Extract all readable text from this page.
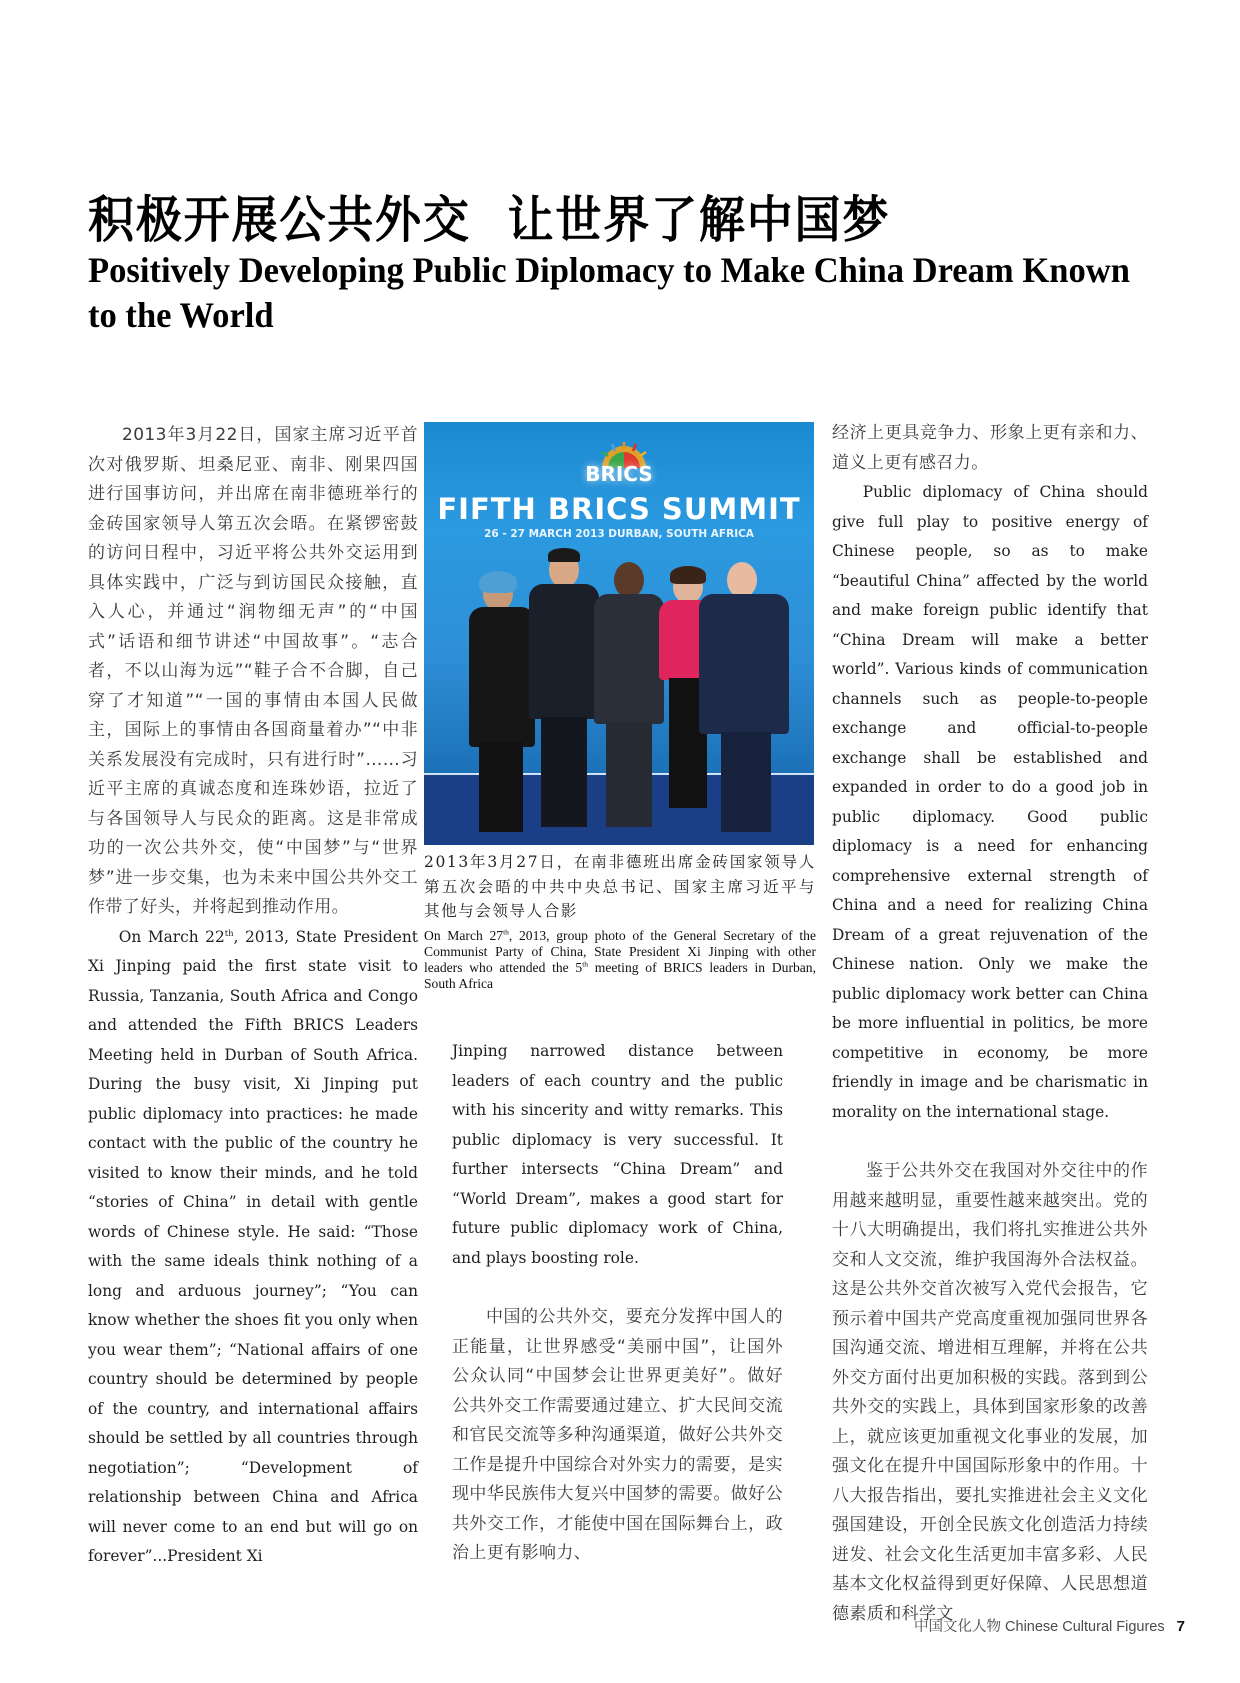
积极开展公共外交 让世界了解中国梦
Positively Developing Public Diplomacy to Make China Dream Known to the World

2013年3月22日，国家主席习近平首次对俄罗斯、坦桑尼亚、南非、刚果四国进行国事访问，并出席在南非德班举行的金砖国家领导人第五次会晤。在紧锣密鼓的访问日程中，习近平将公共外交运用到具体实践中，广泛与到访国民众接触，直入人心，并通过“润物细无声”的“中国式”话语和细节讲述“中国故事”。“志合者，不以山海为远”“鞋子合不合脚，自己穿了才知道”“一国的事情由本国人民做主，国际上的事情由各国商量着办”“中非关系发展没有完成时，只有进行时”……习近平主席的真诚态度和连珠妙语，拉近了与各国领导人与民众的距离。这是非常成功的一次公共外交，使“中国梦”与“世界梦”进一步交集，也为未来中国公共外交工作带了好头，并将起到推动作用。

On March 22th, 2013, State President Xi Jinping paid the first state visit to Russia, Tanzania, South Africa and Congo and attended the Fifth BRICS Leaders Meeting held in Durban of South Africa. During the busy visit, Xi Jinping put public diplomacy into practices: he made contact with the public of the country he visited to know their minds, and he told “stories of China” in detail with gentle words of Chinese style. He said: “Those with the same ideals think nothing of a long and arduous journey”; “You can know whether the shoes fit you only when you wear them”; “National affairs of one country should be determined by people of the country, and international affairs should be settled by all countries through negotiation”; “Development of relationship between China and Africa will never come to an end but will go on forever”...President Xi

BRICS
FIFTH BRICS SUMMIT
26 - 27 MARCH 2013 DURBAN, SOUTH AFRICA
2013年3月27日，在南非德班出席金砖国家领导人第五次会晤的中共中央总书记、国家主席习近平与其他与会领导人合影
On March 27th, 2013, group photo of the General Secretary of the Communist Party of China, State President Xi Jinping with other leaders who attended the 5th meeting of BRICS leaders in Durban, South Africa

Jinping narrowed distance between leaders of each country and the public with his sincerity and witty remarks. This public diplomacy is very successful. It further intersects “China Dream” and “World Dream”, makes a good start for future public diplomacy work of China, and plays boosting role.

中国的公共外交，要充分发挥中国人的正能量，让世界感受“美丽中国”，让国外公众认同“中国梦会让世界更美好”。做好公共外交工作需要通过建立、扩大民间交流和官民交流等多种沟通渠道，做好公共外交工作是提升中国综合对外实力的需要，是实现中华民族伟大复兴中国梦的需要。做好公共外交工作，才能使中国在国际舞台上，政治上更有影响力、

经济上更具竞争力、形象上更有亲和力、道义上更有感召力。

Public diplomacy of China should give full play to positive energy of Chinese people, so as to make “beautiful China” affected by the world and make foreign public identify that “China Dream will make a better world”. Various kinds of communication channels such as people-to-people exchange and official-to-people exchange shall be established and expanded in order to do a good job in public diplomacy. Good public diplomacy is a need for enhancing comprehensive external strength of China and a need for realizing China Dream of a great rejuvenation of the Chinese nation. Only we make the public diplomacy work better can China be more influential in politics, be more competitive in economy, be more friendly in image and be charismatic in morality on the international stage.

鉴于公共外交在我国对外交往中的作用越来越明显，重要性越来越突出。党的十八大明确提出，我们将扎实推进公共外交和人文交流，维护我国海外合法权益。这是公共外交首次被写入党代会报告，它预示着中国共产党高度重视加强同世界各国沟通交流、增进相互理解，并将在公共外交方面付出更加积极的实践。落到到公共外交的实践上，具体到国家形象的改善上，就应该更加重视文化事业的发展，加强文化在提升中国国际形象中的作用。十八大报告指出，要扎实推进社会主义文化强国建设，开创全民族文化创造活力持续迸发、社会文化生活更加丰富多彩、人民基本文化权益得到更好保障、人民思想道德素质和科学文

中国文化人物 Chinese Cultural Figures 7
